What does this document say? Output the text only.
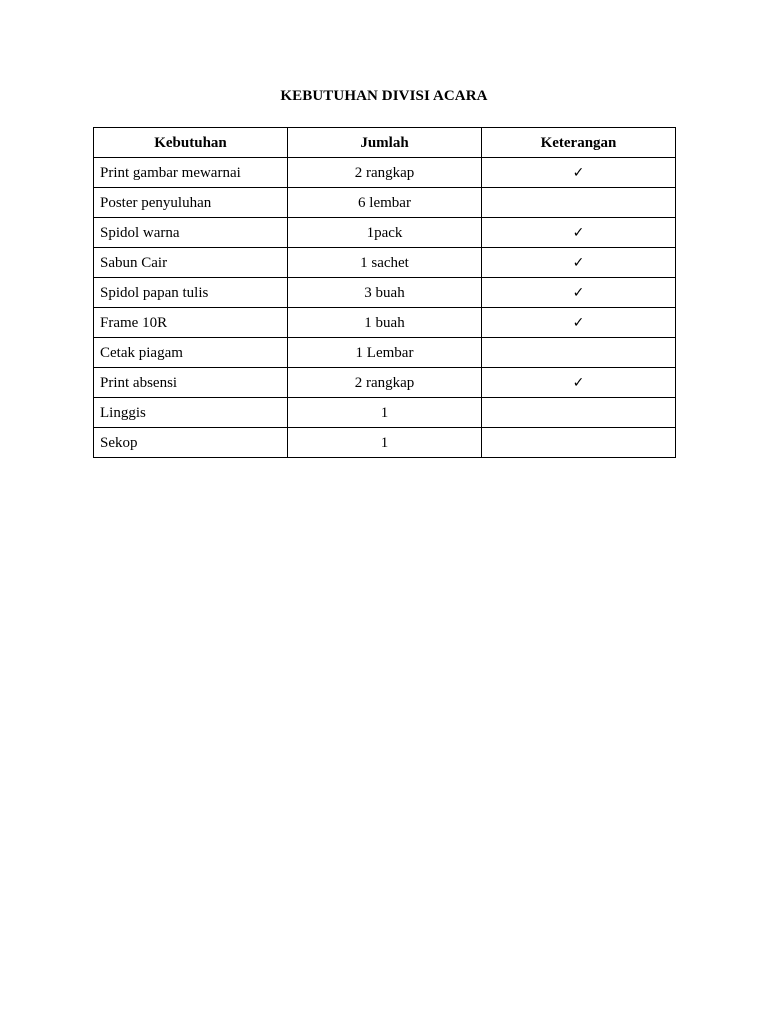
KEBUTUHAN DIVISI ACARA
Kebutuhan	Jumlah	Keterangan
Print gambar mewarnai	2 rangkap	✓
Poster penyuluhan	6 lembar	
Spidol warna	1pack	✓
Sabun Cair	1 sachet	✓
Spidol papan tulis	3 buah	✓
Frame 10R	1 buah	✓
Cetak piagam	1 Lembar	
Print absensi	2 rangkap	✓
Linggis	1	
Sekop	1	
